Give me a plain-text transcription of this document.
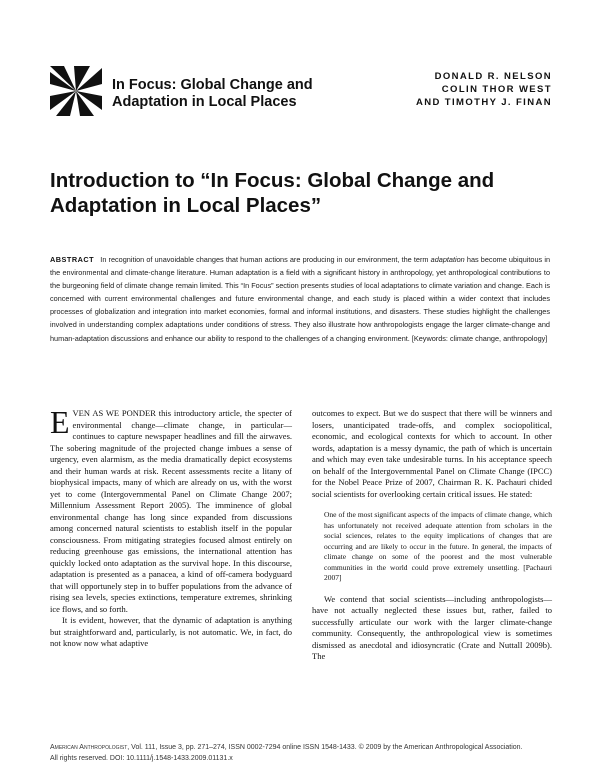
In Focus: Global Change and
Adaptation in Local Places
DONALD R. NELSON
COLIN THOR WEST
AND TIMOTHY J. FINAN
Introduction to “In Focus: Global Change and
Adaptation in Local Places”
ABSTRACT In recognition of unavoidable changes that human actions are producing in our environment, the term adaptation has become ubiquitous in the environmental and climate-change literature. Human adaptation is a field with a significant history in anthropology, yet anthropological contributions to the burgeoning field of climate change remain limited. This “In Focus” section presents studies of local adaptations to climate variation and change. Each is concerned with current environmental challenges and future environmental change, and each study is placed within a wider context that includes processes of globalization and integration into market economies, formal and informal institutions, and disasters. These studies highlight the challenges involved in understanding complex adaptations under conditions of stress. They also illustrate how anthropologists engage the larger climate-change and human-adaptation discussions and enhance our ability to respond to the challenges of a changing environment. [Keywords: climate change, anthropology]

EVEN AS WE PONDER this introductory article, the specter of environmental change—climate change, in particular—continues to capture newspaper headlines and fill the airwaves. The sobering magnitude of the projected change imbues a sense of urgency, even alarmism, as the media dramatically depict ecosystems and their human wards at risk. Recent assessments recite a litany of biophysical impacts, many of which are already on us, with the worst yet to come (Intergovernmental Panel on Climate Change 2007; Millennium Assessment Report 2005). The imminence of global environmental change has long since expanded from discussions among concerned natural scientists to establish itself in the popular consciousness. From mitigating strategies focused almost entirely on reducing greenhouse gas emissions, the international attention has quickly locked onto adaptation as the survival hope. In this discourse, adaptation is presented as a panacea, a kind of off-camera bodyguard that will opportunely step in to buffer populations from the advance of rising sea levels, species extinctions, temperature extremes, shrinking ice flows, and so forth.

It is evident, however, that the dynamic of adaptation is anything but straightforward and, particularly, is not automatic. We, in fact, do not know now what adaptive

outcomes to expect. But we do suspect that there will be winners and losers, unanticipated trade-offs, and complex sociopolitical, economic, and ecological contexts for which to account. In other words, adaptation is a messy dynamic, the path of which is uncertain and which may even take undesirable turns. In his acceptance speech on behalf of the Intergovernmental Panel on Climate Change (IPCC) for the Nobel Peace Prize of 2007, Chairman R. K. Pachauri chided social scientists for overlooking certain critical issues. He stated:

One of the most significant aspects of the impacts of climate change, which has unfortunately not received adequate attention from scholars in the social sciences, relates to the equity implications of changes that are occurring and are likely to occur in the future. In general, the impacts of climate change on some of the poorest and the most vulnerable communities in the world could prove extremely unsettling. [Pachauri 2007]

We contend that social scientists—including anthropologists—have not actually neglected these issues but, rather, failed to successfully articulate our work with the larger climate-change community. Consequently, the anthropological view is sometimes dismissed as anecdotal and idiosyncratic (Crate and Nuttall 2009b). The

American Anthropologist, Vol. 111, Issue 3, pp. 271–274, ISSN 0002-7294 online ISSN 1548-1433. © 2009 by the American Anthropological Association.
All rights reserved. DOI: 10.1111/j.1548-1433.2009.01131.x
